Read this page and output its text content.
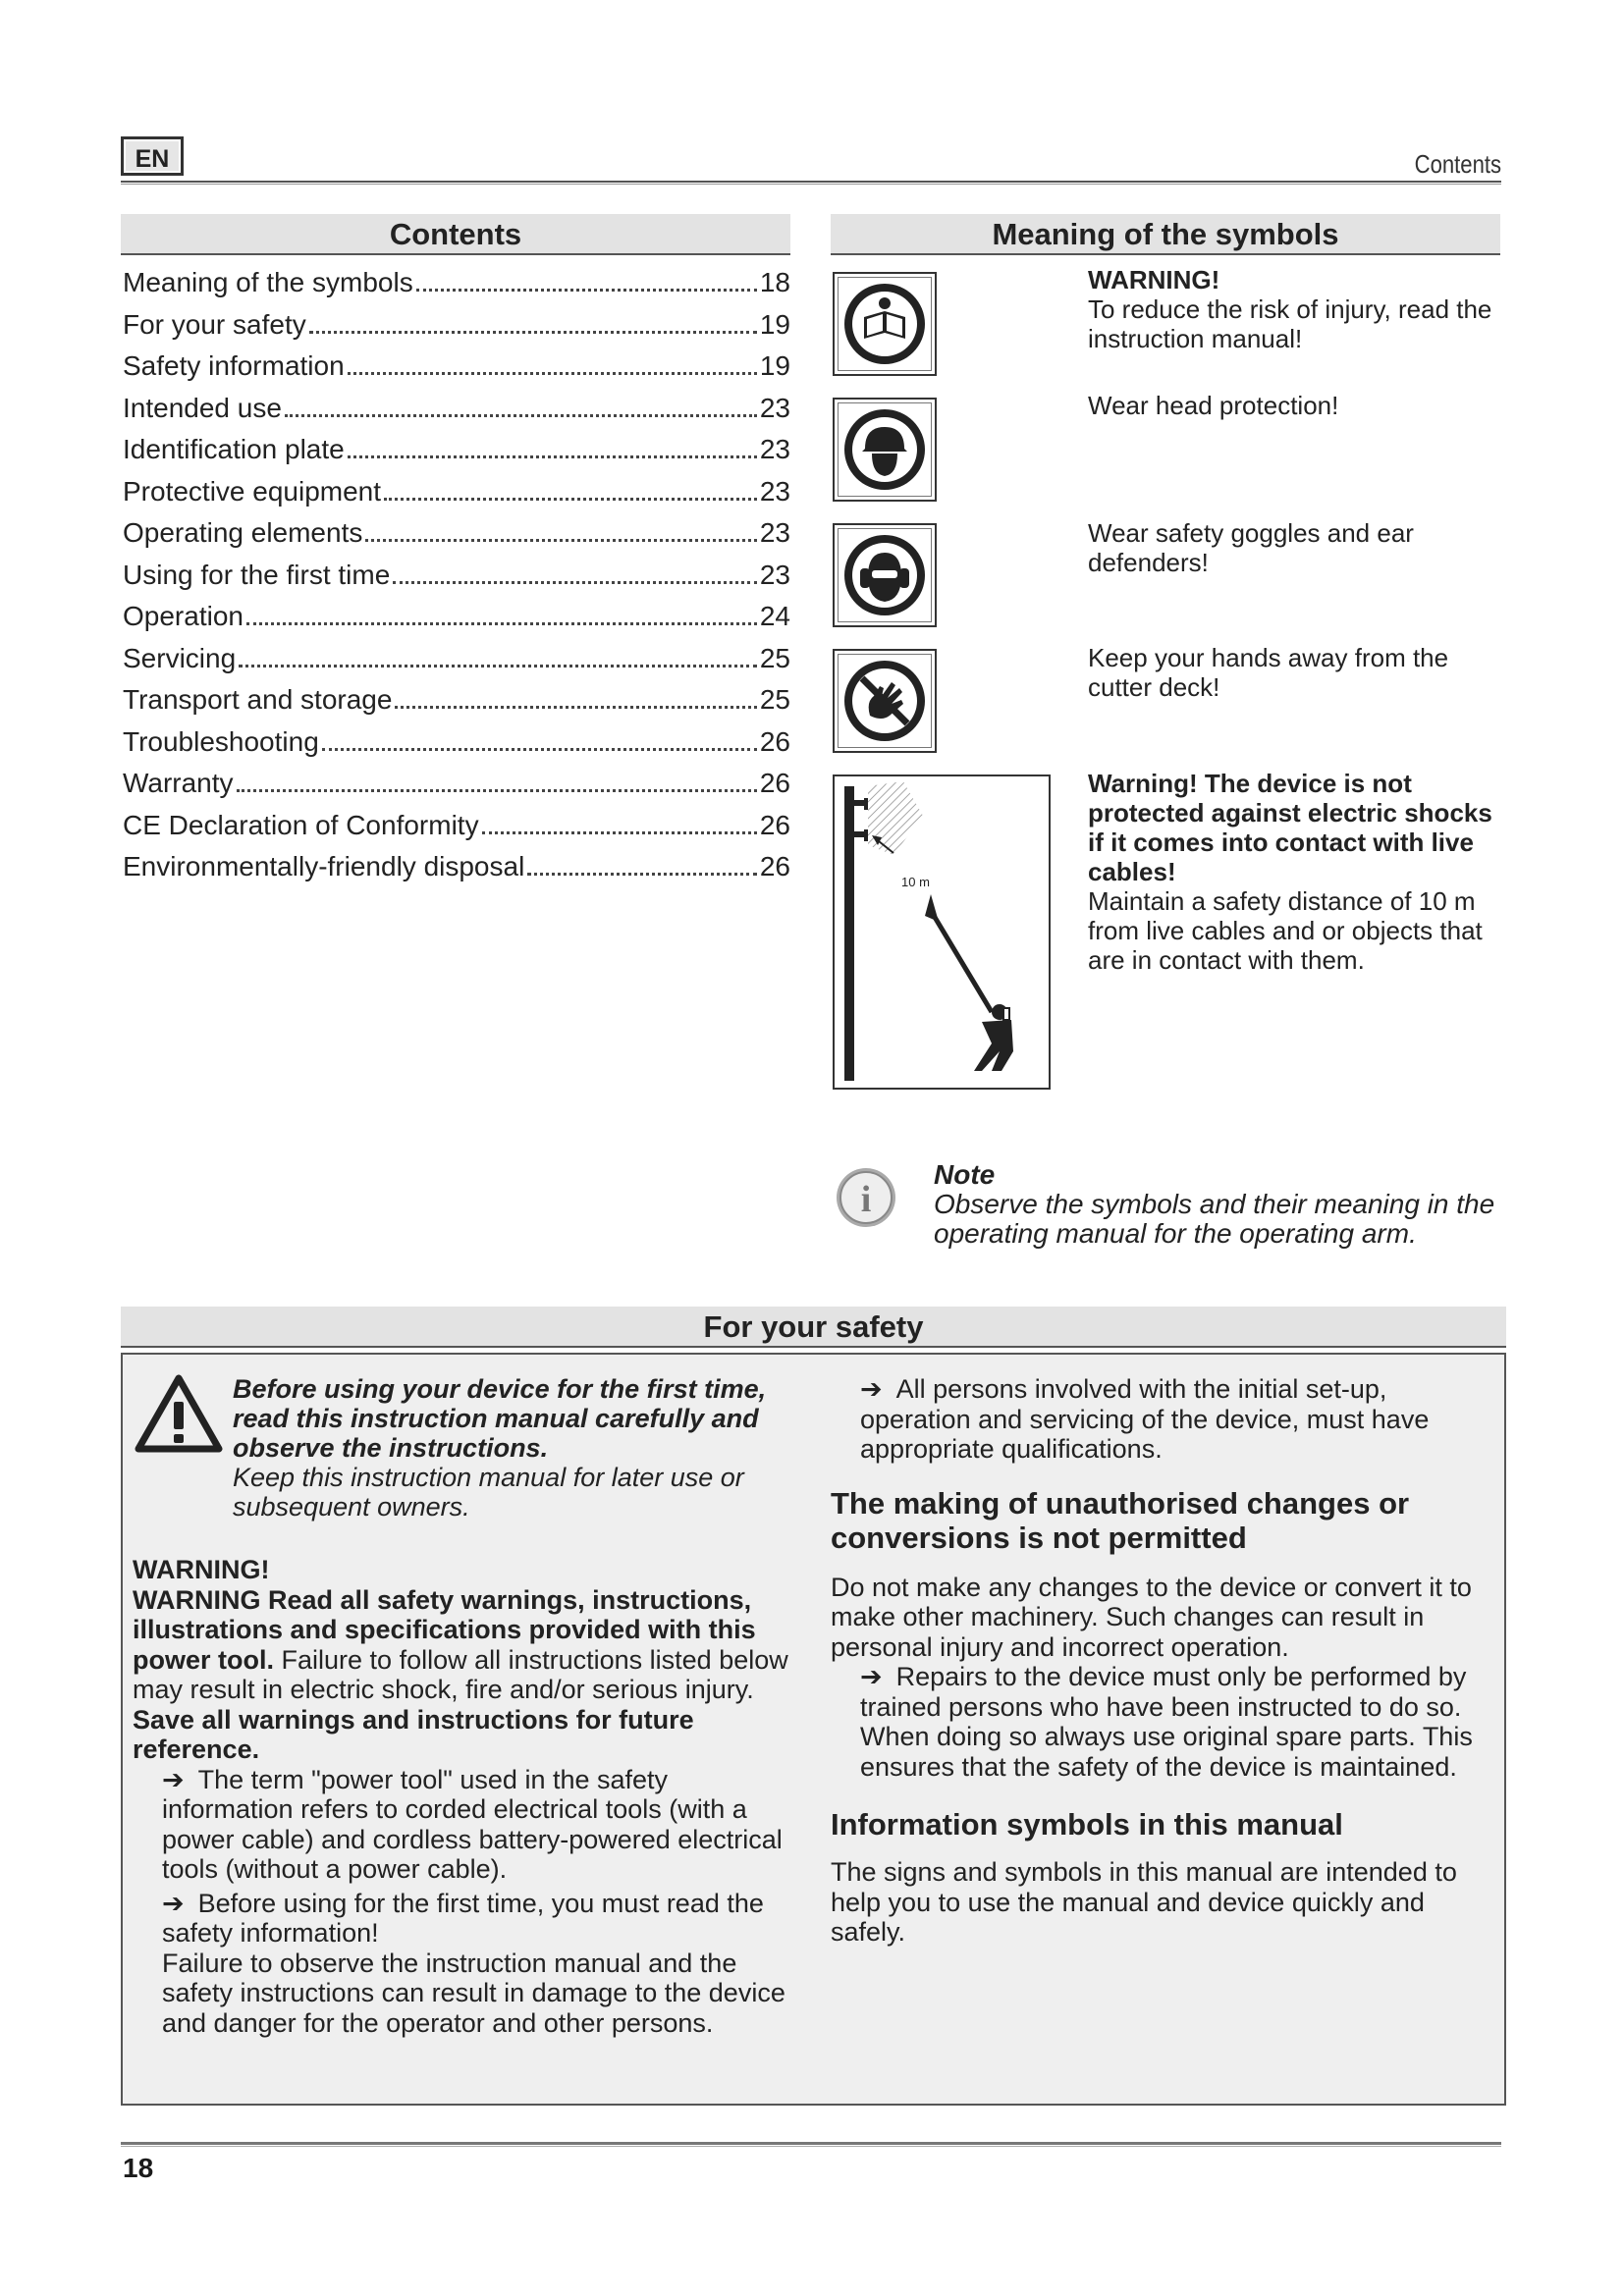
EN	Contents
Contents
Meaning of the symbols	18
For your safety	19
Safety information	19
Intended use	23
Identification plate	23
Protective equipment	23
Operating elements	23
Using for the first time	23
Operation	24
Servicing	25
Transport and storage	25
Troubleshooting	26
Warranty	26
CE Declaration of Conformity	26
Environmentally-friendly disposal	26
Meaning of the symbols
WARNING!
To reduce the risk of injury, read the instruction manual!
Wear head protection!
Wear safety goggles and ear defenders!
Keep your hands away from the cutter deck!
10 m
Warning! The device is not protected against electric shocks if it comes into contact with live cables!
Maintain a safety distance of 10 m from live cables and or objects that are in contact with them.
i
Note
Observe the symbols and their meaning in the operating manual for the operating arm.
For your safety
Before using your device for the first time, read this instruction manual carefully and observe the instructions.
Keep this instruction manual for later use or subsequent owners.
WARNING!
WARNING Read all safety warnings, instructions, illustrations and specifications provided with this power tool. Failure to follow all instructions listed below may result in electric shock, fire and/or serious injury.
Save all warnings and instructions for future reference.
➔ The term "power tool" used in the safety information refers to corded electrical tools (with a power cable) and cordless battery-powered electrical tools (without a power cable).
➔ Before using for the first time, you must read the safety information!
Failure to observe the instruction manual and the safety instructions can result in damage to the device and danger for the operator and other persons.
➔ All persons involved with the initial set-up, operation and servicing of the device, must have appropriate qualifications.
The making of unauthorised changes or conversions is not permitted
Do not make any changes to the device or convert it to make other machinery. Such changes can result in personal injury and incorrect operation.
➔ Repairs to the device must only be performed by trained persons who have been instructed to do so. When doing so always use original spare parts. This ensures that the safety of the device is maintained.
Information symbols in this manual
The signs and symbols in this manual are intended to help you to use the manual and device quickly and safely.
18
